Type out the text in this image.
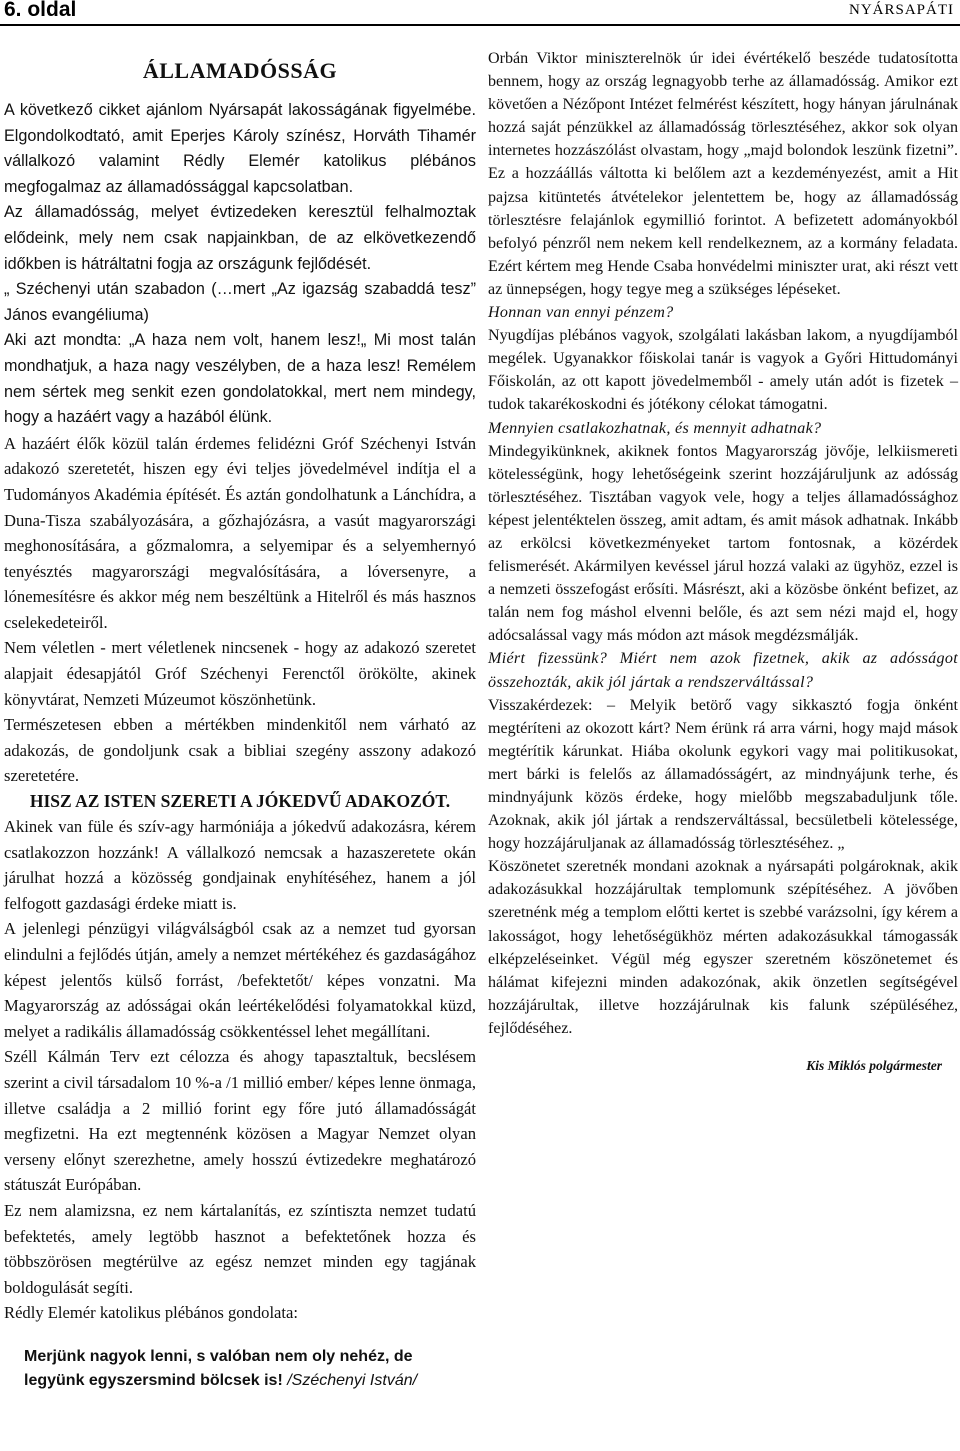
6. oldal	NYÁRSAPÁTI

ÁLLAMADÓSSÁG

A következő cikket ajánlom Nyársapát lakosságának figyelmébe. Elgondolkodtató, amit Eperjes Károly színész, Horváth Tihamér vállalkozó valamint Rédly Elemér katolikus plébános megfogalmaz az államadóssággal kapcsolatban.

Az államadósság, melyet évtizedeken keresztül felhalmoztak elődeink, mely nem csak napjainkban, de az elkövetkezendő időkben is hátráltatni fogja az országunk fejlődését.

„ Széchenyi után szabadon (…mert „Az igazság szabaddá tesz” János evangéliuma)

Aki azt mondta: „A haza nem volt, hanem lesz!„ Mi most talán mondhatjuk, a haza nagy veszélyben, de a haza lesz! Remélem nem sértek meg senkit ezen gondolatokkal, mert nem mindegy, hogy a hazáért vagy a hazából élünk.

A hazáért élők közül talán érdemes felidézni Gróf Széchenyi István adakozó szeretetét, hiszen egy évi teljes jövedelmével indítja el a Tudományos Akadémia építését. És aztán gondolhatunk a Lánchídra, a Duna-Tisza szabályozására, a gőzhajózásra, a vasút magyarországi meghonosítására, a gőzmalomra, a selyemipar és a selyemhernyó tenyésztés magyarországi megvalósítására, a lóversenyre, a lónemesítésre és akkor még nem beszéltünk a Hitelről és más hasznos cselekedeteiről.

Nem véletlen - mert véletlenek nincsenek - hogy az adakozó szeretet alapjait édesapjától Gróf Széchenyi Ferenctől örökölte, akinek könyvtárat, Nemzeti Múzeumot köszönhetünk.

Természetesen ebben a mértékben mindenkitől nem várható az adakozás, de gondoljunk csak a bibliai szegény asszony adakozó szeretetére.

HISZ AZ ISTEN SZERETI A JÓKEDVŰ ADAKOZÓT.

Akinek van füle és szív-agy harmóniája a jókedvű adakozásra, kérem csatlakozzon hozzánk! A vállalkozó nemcsak a hazaszeretete okán járulhat hozzá a közösség gondjainak enyhítéséhez, hanem a jól felfogott gazdasági érdeke miatt is.

A jelenlegi pénzügyi világválságból csak az a nemzet tud gyorsan elindulni a fejlődés útján, amely a nemzet mértékéhez és gazdaságához képest jelentős külső forrást, /befektetőt/ képes vonzatni. Ma Magyarország az adósságai okán leértékelődési folyamatokkal küzd, melyet a radikális államadósság csökkentéssel lehet megállítani.

Széll Kálmán Terv ezt célozza és ahogy tapasztaltuk, becslésem szerint a civil társadalom 10 %-a /1 millió ember/ képes lenne önmaga, illetve családja a 2 millió forint egy főre jutó államadósságát megfizetni. Ha ezt megtennénk közösen a Magyar Nemzet olyan verseny előnyt szerezhetne, amely hosszú évtizedekre meghatározó státuszát Európában.

Ez nem alamizsna, ez nem kártalanítás, ez színtiszta nemzet tudatú befektetés, amely legtöbb hasznot a befektetőnek hozza és többszörösen megtérülve az egész nemzet minden egy tagjának boldogulását segíti.

Rédly Elemér katolikus plébános gondolata:

Orbán Viktor miniszterelnök úr idei évértékelő beszéde tudatosította bennem, hogy az ország legnagyobb terhe az államadósság. Amikor ezt követően a Nézőpont Intézet felmérést készített, hogy hányan járulnának hozzá saját pénzükkel az államadósság törlesztéséhez, akkor sok olyan internetes hozzászólást olvastam, hogy „majd bolondok leszünk fizetni”. Ez a hozzáállás váltotta ki belőlem azt a kezdeményezést, amit a Hit pajzsa kitüntetés átvételekor jelentettem be, hogy az államadósság törlesztésre felajánlok egymillió forintot. A befizetett adományokból befolyó pénzről nem nekem kell rendelkeznem, az a kormány feladata. Ezért kértem meg Hende Csaba honvédelmi miniszter urat, aki részt vett az ünnepségen, hogy tegye meg a szükséges lépéseket.

Honnan van ennyi pénzem?

Nyugdíjas plébános vagyok, szolgálati lakásban lakom, a nyugdíjamból megélek. Ugyanakkor főiskolai tanár is vagyok a Győri Hittudományi Főiskolán, az ott kapott jövedelmemből - amely után adót is fizetek – tudok takarékoskodni és jótékony célokat támogatni.

Mennyien csatlakozhatnak, és mennyit adhatnak?

Mindegyikünknek, akiknek fontos Magyarország jövője, lelkiismereti kötelességünk, hogy lehetőségeink szerint hozzájáruljunk az adósság törlesztéséhez. Tisztában vagyok vele, hogy a teljes államadóssághoz képest jelentéktelen összeg, amit adtam, és amit mások adhatnak. Inkább az erkölcsi következményeket tartom fontosnak, a közérdek felismerését. Akármilyen kevéssel járul hozzá valaki az ügyhöz, ezzel is a nemzeti összefogást erősíti. Másrészt, aki a közösbe önként befizet, az talán nem fog máshol elvenni belőle, és azt sem nézi majd el, hogy adócsalással vagy más módon azt mások megdézsmálják.

Miért fizessünk? Miért nem azok fizetnek, akik az adósságot összehozták, akik jól jártak a rendszerváltással?

Visszakérdezek: – Melyik betörő vagy sikkasztó fogja önként megtéríteni az okozott kárt? Nem érünk rá arra várni, hogy majd mások megtérítik kárunkat. Hiába okolunk egykori vagy mai politikusokat, mert bárki is felelős az államadósságért, az mindnyájunk terhe, és mindnyájunk közös érdeke, hogy mielőbb megszabaduljunk tőle. Azoknak, akik jól jártak a rendszerváltással, becsületbeli kötelessége, hogy hozzájáruljanak az államadósság törlesztéséhez. „

Köszönetet szeretnék mondani azoknak a nyársapáti polgároknak, akik adakozásukkal hozzájárultak templomunk szépítéséhez. A jövőben szeretnénk még a templom előtti kertet is szebbé varázsolni, így kérem a lakosságot, hogy lehetőségükhöz mérten adakozásukkal támogassák elképzeléseinket. Végül még egyszer szeretném köszönetemet és hálámat kifejezni minden adakozónak, akik önzetlen segítségével hozzájárultak, illetve hozzájárulnak kis falunk szépüléséhez, fejlődéséhez.

Kis Miklós polgármester

Merjünk nagyok lenni, s valóban nem oly nehéz, de legyünk egyszersmind bölcsek is! /Széchenyi István/
